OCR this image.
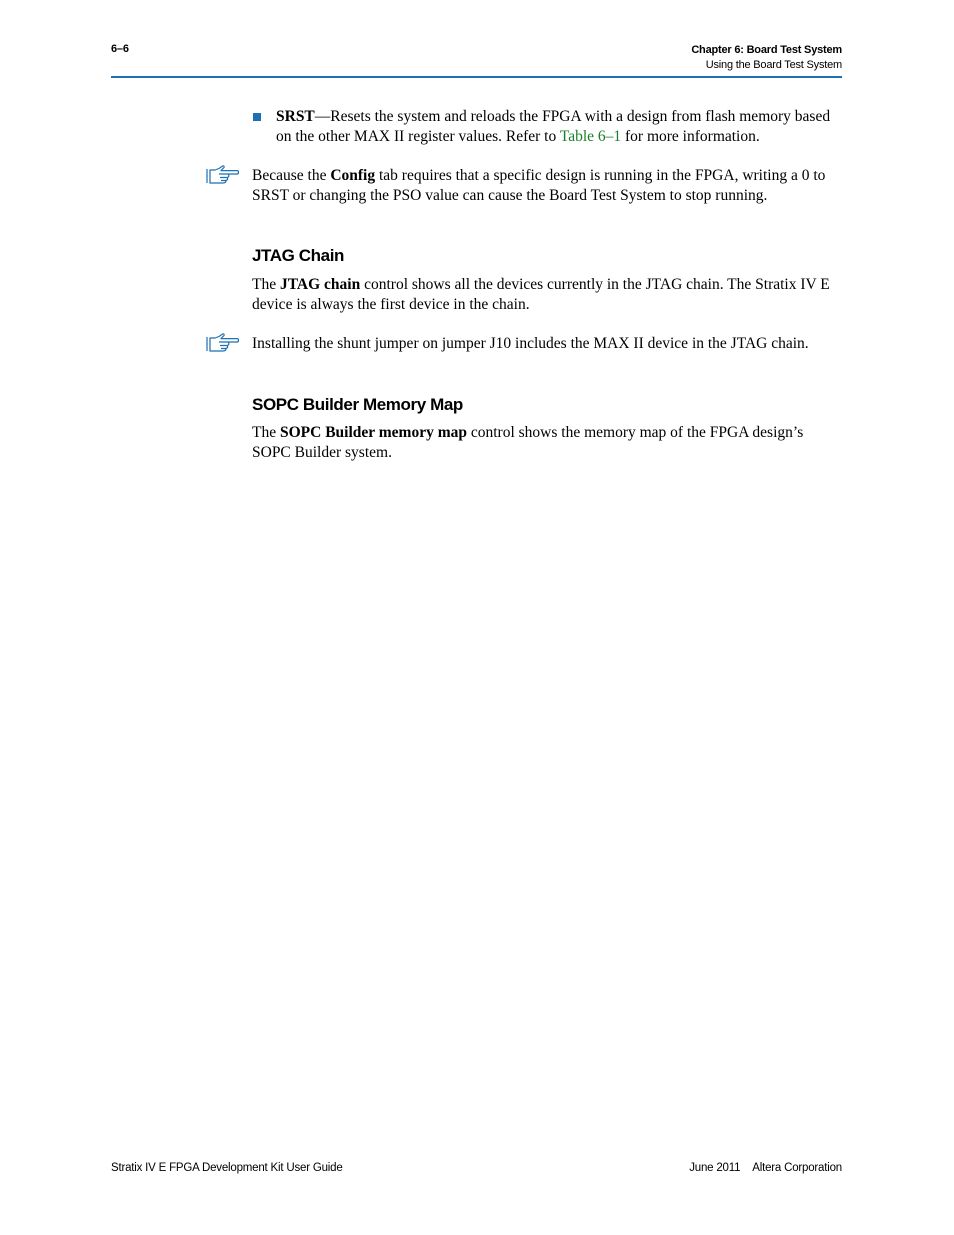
6–6	Chapter 6: Board Test System
Using the Board Test System
SRST—Resets the system and reloads the FPGA with a design from flash memory based on the other MAX II register values. Refer to Table 6–1 for more information.
Because the Config tab requires that a specific design is running in the FPGA, writing a 0 to SRST or changing the PSO value can cause the Board Test System to stop running.
JTAG Chain
The JTAG chain control shows all the devices currently in the JTAG chain. The Stratix IV E device is always the first device in the chain.
Installing the shunt jumper on jumper J10 includes the MAX II device in the JTAG chain.
SOPC Builder Memory Map
The SOPC Builder memory map control shows the memory map of the FPGA design’s SOPC Builder system.
Stratix IV E FPGA Development Kit User Guide	June 2011 Altera Corporation
